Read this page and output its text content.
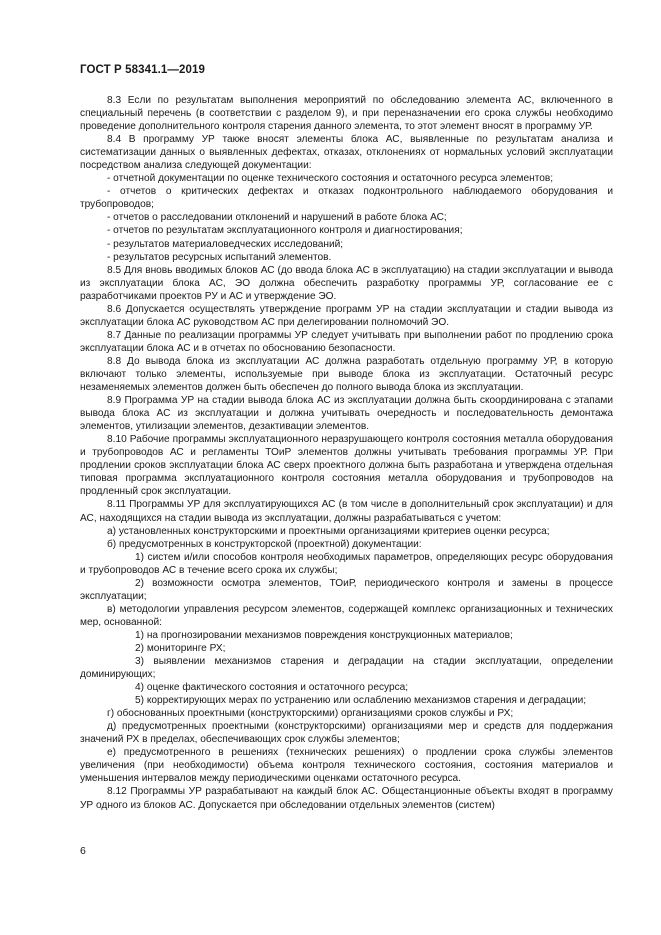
ГОСТ Р 58341.1—2019

8.3 Если по результатам выполнения мероприятий по обследованию элемента АС, включенного в специальный перечень (в соответствии с разделом 9), и при переназначении его срока службы необходимо проведение дополнительного контроля старения данного элемента, то этот элемент вносят в программу УР.

8.4 В программу УР также вносят элементы блока АС, выявленные по результатам анализа и систематизации данных о выявленных дефектах, отказах, отклонениях от нормальных условий эксплуатации посредством анализа следующей документации:

- отчетной документации по оценке технического состояния и остаточного ресурса элементов;

- отчетов о критических дефектах и отказах подконтрольного наблюдаемого оборудования и трубопроводов;

- отчетов о расследовании отклонений и нарушений в работе блока АС;

- отчетов по результатам эксплуатационного контроля и диагностирования;

- результатов материаловедческих исследований;

- результатов ресурсных испытаний элементов.

8.5 Для вновь вводимых блоков АС (до ввода блока АС в эксплуатацию) на стадии эксплуатации и вывода из эксплуатации блока АС, ЭО должна обеспечить разработку программы УР, согласование ее с разработчиками проектов РУ и АС и утверждение ЭО.

8.6 Допускается осуществлять утверждение программ УР на стадии эксплуатации и стадии вывода из эксплуатации блока АС руководством АС при делегировании полномочий ЭО.

8.7 Данные по реализации программы УР следует учитывать при выполнении работ по продлению срока эксплуатации блока АС и в отчетах по обоснованию безопасности.

8.8 До вывода блока из эксплуатации АС должна разработать отдельную программу УР, в которую включают только элементы, используемые при выводе блока из эксплуатации. Остаточный ресурс незаменяемых элементов должен быть обеспечен до полного вывода блока из эксплуатации.

8.9 Программа УР на стадии вывода блока АС из эксплуатации должна быть скоординирована с этапами вывода блока АС из эксплуатации и должна учитывать очередность и последовательность демонтажа элементов, утилизации элементов, дезактивации элементов.

8.10 Рабочие программы эксплуатационного неразрушающего контроля состояния металла оборудования и трубопроводов АС и регламенты ТОиР элементов должны учитывать требования программы УР. При продлении сроков эксплуатации блока АС сверх проектного должна быть разработана и утверждена отдельная типовая программа эксплуатационного контроля состояния металла оборудования и трубопроводов на продленный срок эксплуатации.

8.11 Программы УР для эксплуатирующихся АС (в том числе в дополнительный срок эксплуатации) и для АС, находящихся на стадии вывода из эксплуатации, должны разрабатываться с учетом:

а) установленных конструкторскими и проектными организациями критериев оценки ресурса;

б) предусмотренных в конструкторской (проектной) документации:

1) систем и/или способов контроля необходимых параметров, определяющих ресурс оборудования и трубопроводов АС в течение всего срока их службы;

2) возможности осмотра элементов, ТОиР, периодического контроля и замены в процессе эксплуатации;

в) методологии управления ресурсом элементов, содержащей комплекс организационных и технических мер, основанной:

1) на прогнозировании механизмов повреждения конструкционных материалов;

2) мониторинге РХ;

3) выявлении механизмов старения и деградации на стадии эксплуатации, определении доминирующих;

4) оценке фактического состояния и остаточного ресурса;

5) корректирующих мерах по устранению или ослаблению механизмов старения и деградации;

г) обоснованных проектными (конструкторскими) организациями сроков службы и РХ;

д) предусмотренных проектными (конструкторскими) организациями мер и средств для поддержания значений РХ в пределах, обеспечивающих срок службы элементов;

е) предусмотренного в решениях (технических решениях) о продлении срока службы элементов увеличения (при необходимости) объема контроля технического состояния, состояния материалов и уменьшения интервалов между периодическими оценками остаточного ресурса.

8.12 Программы УР разрабатывают на каждый блок АС. Общестанционные объекты входят в программу УР одного из блоков АС. Допускается при обследовании отдельных элементов (систем)

6
